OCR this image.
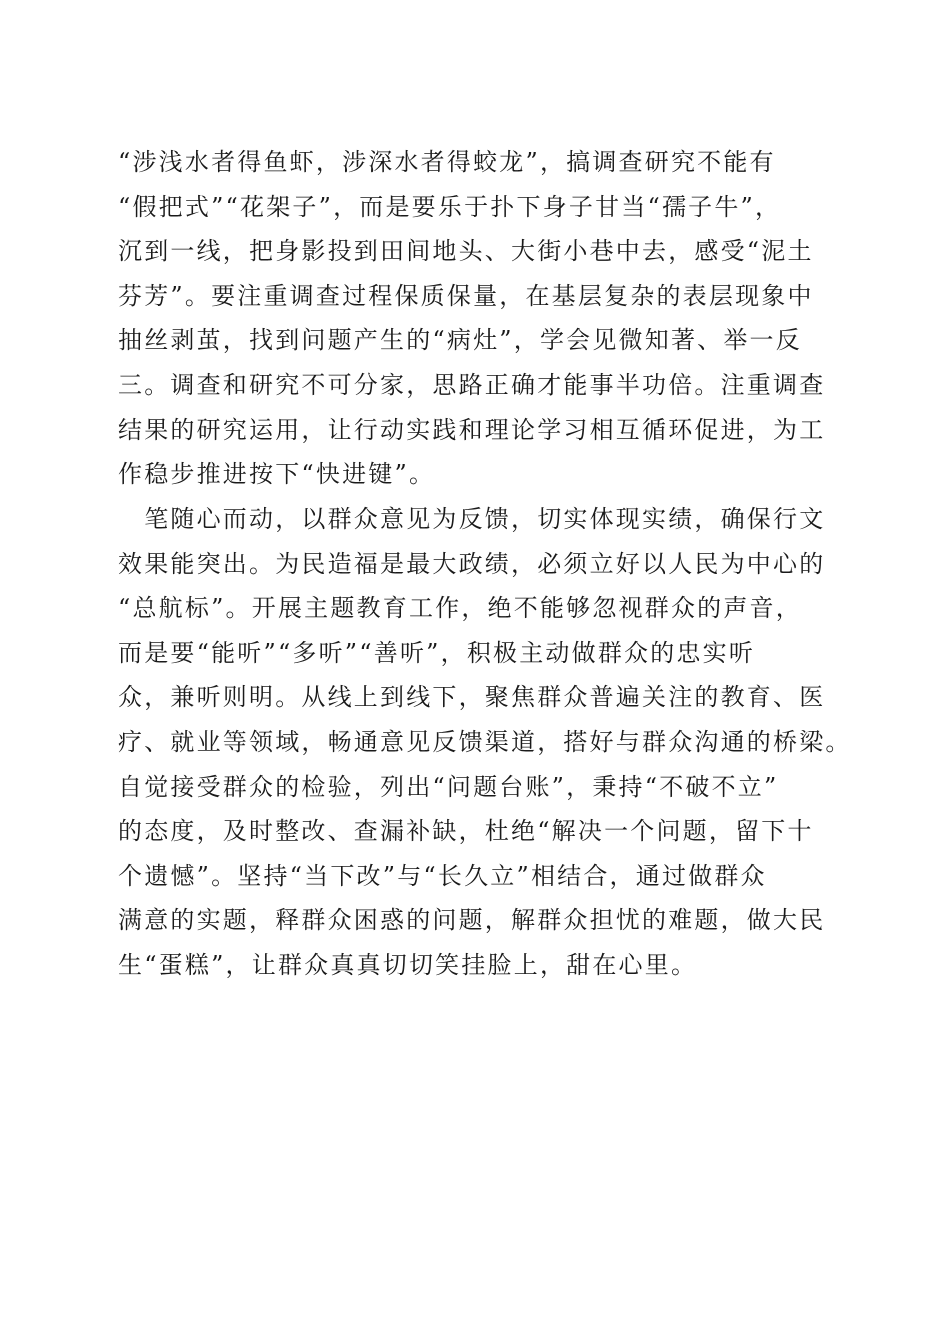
“涉浅水者得鱼虾，涉深水者得蛟龙”，搞调查研究不能有
“假把式”“花架子”，而是要乐于扑下身子甘当“孺子牛”，
沉到一线，把身影投到田间地头、大街小巷中去，感受“泥土
芬芳”。要注重调查过程保质保量，在基层复杂的表层现象中
抽丝剥茧，找到问题产生的“病灶”，学会见微知著、举一反
三。调查和研究不可分家，思路正确才能事半功倍。注重调查
结果的研究运用，让行动实践和理论学习相互循环促进，为工
作稳步推进按下“快进键”。
　笔随心而动，以群众意见为反馈，切实体现实绩，确保行文
效果能突出。为民造福是最大政绩，必须立好以人民为中心的
“总航标”。开展主题教育工作，绝不能够忽视群众的声音，
而是要“能听”“多听”“善听”，积极主动做群众的忠实听
众，兼听则明。从线上到线下，聚焦群众普遍关注的教育、医
疗、就业等领域，畅通意见反馈渠道，搭好与群众沟通的桥梁。
自觉接受群众的检验，列出“问题台账”，秉持“不破不立”
的态度，及时整改、查漏补缺，杜绝“解决一个问题，留下十
个遗憾”。坚持“当下改”与“长久立”相结合，通过做群众
满意的实题，释群众困惑的问题，解群众担忧的难题，做大民
生“蛋糕”，让群众真真切切笑挂脸上，甜在心里。
